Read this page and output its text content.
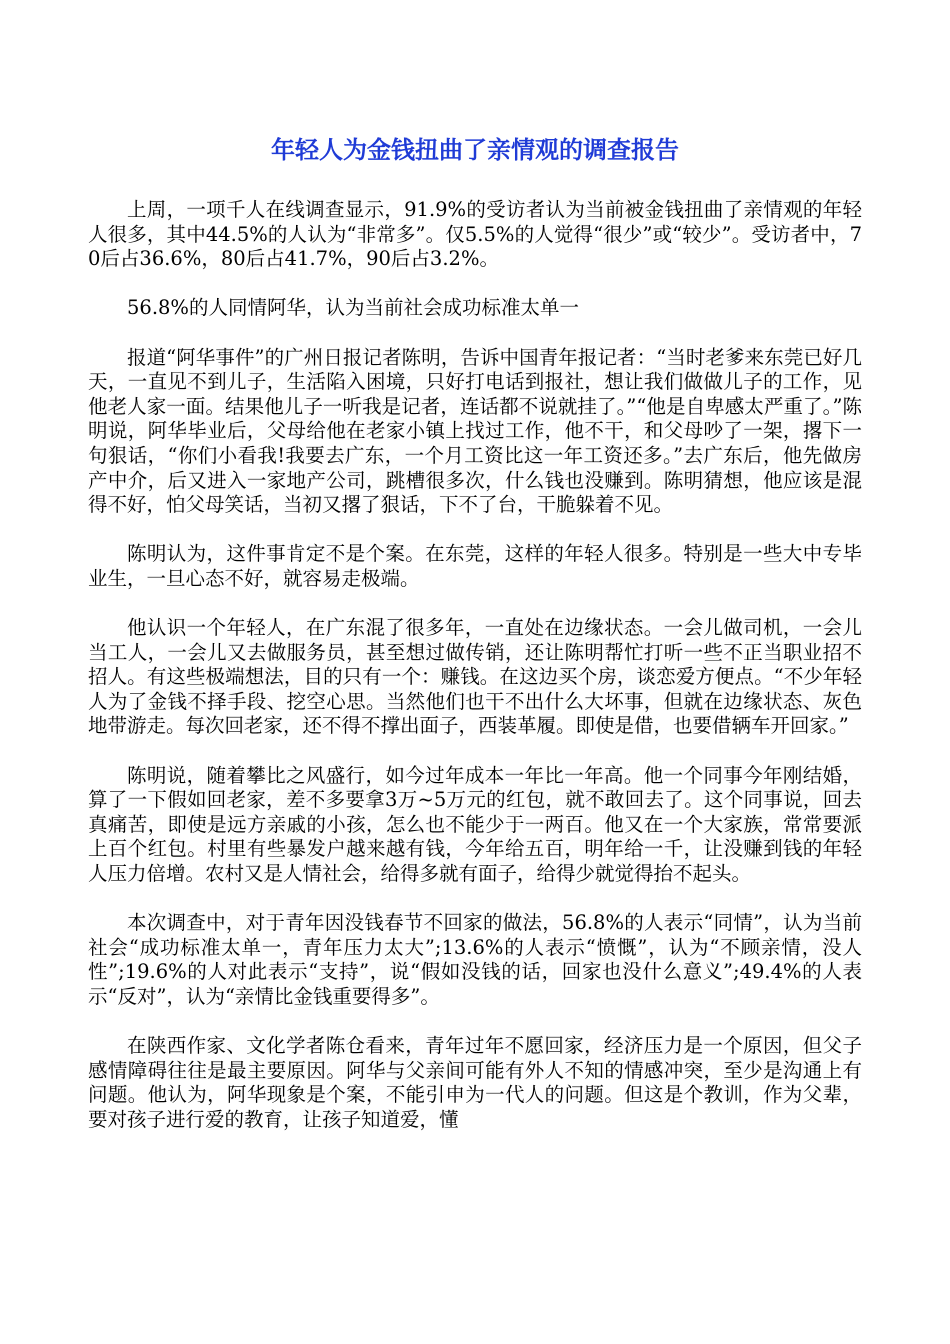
年轻人为金钱扭曲了亲情观的调查报告

上周，一项千人在线调查显示，91.9%的受访者认为当前被金钱扭曲了亲情观的年轻人很多，其中44.5%的人认为“非常多”。仅5.5%的人觉得“很少”或“较少”。受访者中，70后占36.6%，80后占41.7%，90后占3.2%。

56.8%的人同情阿华，认为当前社会成功标准太单一

报道“阿华事件”的广州日报记者陈明，告诉中国青年报记者：“当时老爹来东莞已好几天，一直见不到儿子，生活陷入困境，只好打电话到报社，想让我们做做儿子的工作，见他老人家一面。结果他儿子一听我是记者，连话都不说就挂了。”“他是自卑感太严重了。”陈明说，阿华毕业后，父母给他在老家小镇上找过工作，他不干，和父母吵了一架，撂下一句狠话，“你们小看我!我要去广东，一个月工资比这一年工资还多。”去广东后，他先做房产中介，后又进入一家地产公司，跳槽很多次，什么钱也没赚到。陈明猜想，他应该是混得不好，怕父母笑话，当初又撂了狠话，下不了台，干脆躲着不见。

陈明认为，这件事肯定不是个案。在东莞，这样的年轻人很多。特别是一些大中专毕业生，一旦心态不好，就容易走极端。

他认识一个年轻人，在广东混了很多年，一直处在边缘状态。一会儿做司机，一会儿当工人，一会儿又去做服务员，甚至想过做传销，还让陈明帮忙打听一些不正当职业招不招人。有这些极端想法，目的只有一个：赚钱。在这边买个房，谈恋爱方便点。“不少年轻人为了金钱不择手段、挖空心思。当然他们也干不出什么大坏事，但就在边缘状态、灰色地带游走。每次回老家，还不得不撑出面子，西装革履。即使是借，也要借辆车开回家。”

陈明说，随着攀比之风盛行，如今过年成本一年比一年高。他一个同事今年刚结婚，算了一下假如回老家，差不多要拿3万~5万元的红包，就不敢回去了。这个同事说，回去真痛苦，即使是远方亲戚的小孩，怎么也不能少于一两百。他又在一个大家族，常常要派上百个红包。村里有些暴发户越来越有钱，今年给五百，明年给一千，让没赚到钱的年轻人压力倍增。农村又是人情社会，给得多就有面子，给得少就觉得抬不起头。

本次调查中，对于青年因没钱春节不回家的做法，56.8%的人表示“同情”，认为当前社会“成功标准太单一，青年压力太大”;13.6%的人表示“愤慨”，认为“不顾亲情，没人性”;19.6%的人对此表示“支持”，说“假如没钱的话，回家也没什么意义”;49.4%的人表示“反对”，认为“亲情比金钱重要得多”。

在陕西作家、文化学者陈仓看来，青年过年不愿回家，经济压力是一个原因，但父子感情障碍往往是最主要原因。阿华与父亲间可能有外人不知的情感冲突，至少是沟通上有问题。他认为，阿华现象是个案，不能引申为一代人的问题。但这是个教训，作为父辈，要对孩子进行爱的教育，让孩子知道爱，懂
